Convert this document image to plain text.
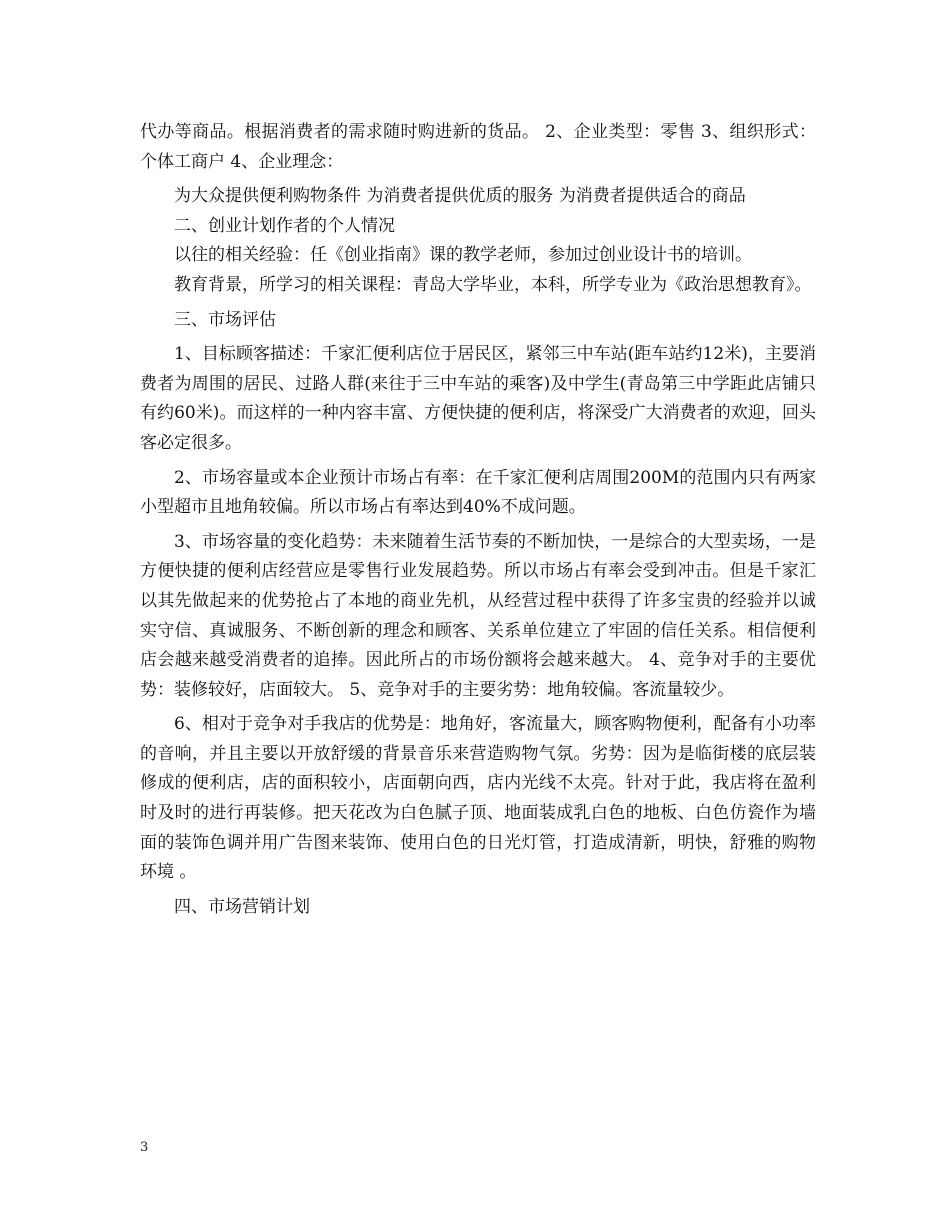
代办等商品。根据消费者的需求随时购进新的货品。 2、企业类型：零售 3、组织形式：个体工商户 4、企业理念：

为大众提供便利购物条件 为消费者提供优质的服务 为消费者提供适合的商品

二、创业计划作者的个人情况

以往的相关经验：任《创业指南》课的教学老师，参加过创业设计书的培训。

教育背景，所学习的相关课程：青岛大学毕业，本科，所学专业为《政治思想教育》。

三、市场评估

1、目标顾客描述：千家汇便利店位于居民区，紧邻三中车站(距车站约12米)，主要消费者为周围的居民、过路人群(来往于三中车站的乘客)及中学生(青岛第三中学距此店铺只有约60米)。而这样的一种内容丰富、方便快捷的便利店，将深受广大消费者的欢迎，回头客必定很多。

2、市场容量或本企业预计市场占有率：在千家汇便利店周围200M的范围内只有两家小型超市且地角较偏。所以市场占有率达到40%不成问题。

3、市场容量的变化趋势：未来随着生活节奏的不断加快，一是综合的大型卖场，一是方便快捷的便利店经营应是零售行业发展趋势。所以市场占有率会受到冲击。但是千家汇以其先做起来的优势抢占了本地的商业先机，从经营过程中获得了许多宝贵的经验并以诚实守信、真诚服务、不断创新的理念和顾客、关系单位建立了牢固的信任关系。相信便利店会越来越受消费者的追捧。因此所占的市场份额将会越来越大。 4、竞争对手的主要优势：装修较好，店面较大。 5、竞争对手的主要劣势：地角较偏。客流量较少。

6、相对于竞争对手我店的优势是：地角好，客流量大，顾客购物便利，配备有小功率的音响，并且主要以开放舒缓的背景音乐来营造购物气氛。劣势：因为是临街楼的底层装修成的便利店，店的面积较小，店面朝向西，店内光线不太亮。针对于此，我店将在盈利时及时的进行再装修。把天花改为白色腻子顶、地面装成乳白色的地板、白色仿瓷作为墙面的装饰色调并用广告图来装饰、使用白色的日光灯管，打造成清新，明快，舒雅的购物环境 。

四、市场营销计划

3
